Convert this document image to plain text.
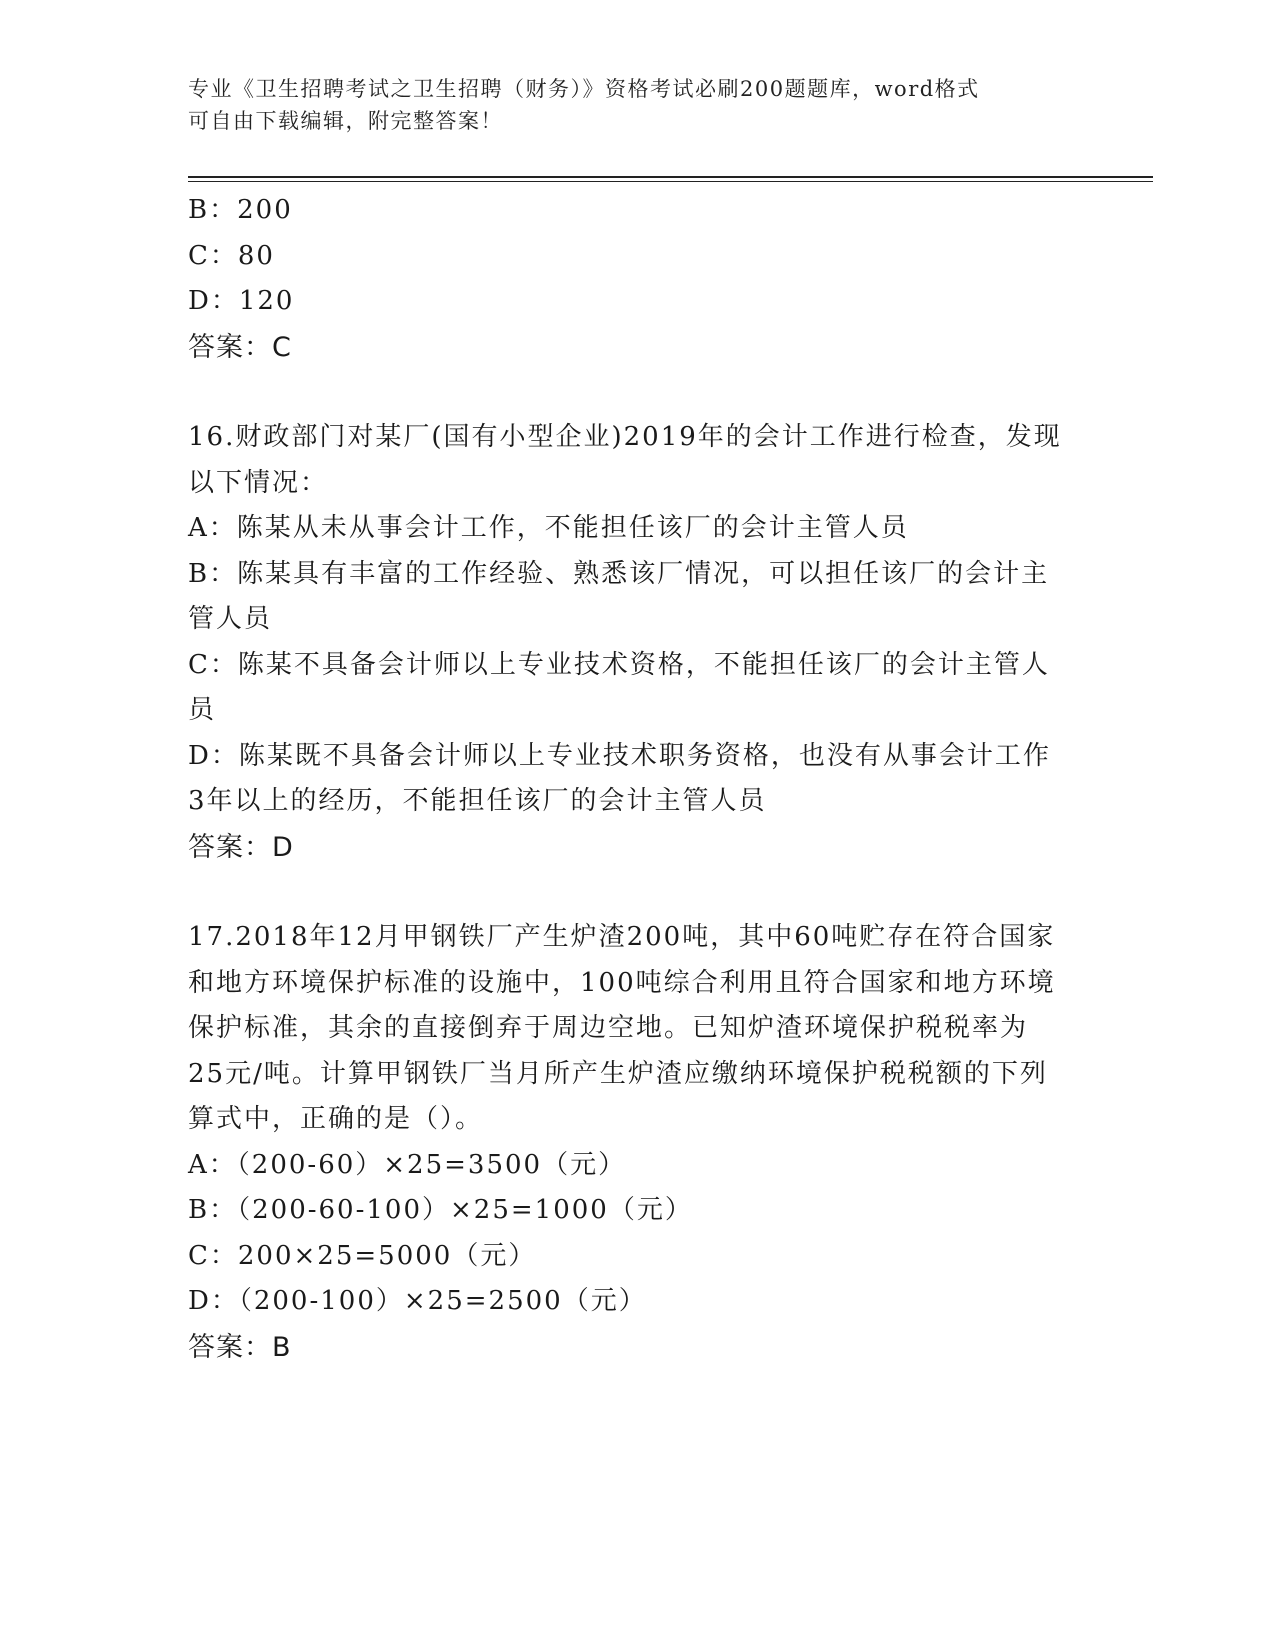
专业《卫生招聘考试之卫生招聘（财务）》资格考试必刷200题题库，word格式
可自由下载编辑，附完整答案！
B：200
C：80
D：120
答案：C
16.财政部门对某厂(国有小型企业)2019年的会计工作进行检查，发现
以下情况：
A：陈某从未从事会计工作，不能担任该厂的会计主管人员
B：陈某具有丰富的工作经验、熟悉该厂情况，可以担任该厂的会计主
管人员
C：陈某不具备会计师以上专业技术资格，不能担任该厂的会计主管人
员
D：陈某既不具备会计师以上专业技术职务资格，也没有从事会计工作
3年以上的经历，不能担任该厂的会计主管人员
答案：D
17.2018年12月甲钢铁厂产生炉渣200吨，其中60吨贮存在符合国家
和地方环境保护标准的设施中，100吨综合利用且符合国家和地方环境
保护标准，其余的直接倒弃于周边空地。已知炉渣环境保护税税率为
25元/吨。计算甲钢铁厂当月所产生炉渣应缴纳环境保护税税额的下列
算式中，正确的是（）。
A：（200-60）×25=3500（元）
B：（200-60-100）×25=1000（元）
C：200×25=5000（元）
D：（200-100）×25=2500（元）
答案：B
